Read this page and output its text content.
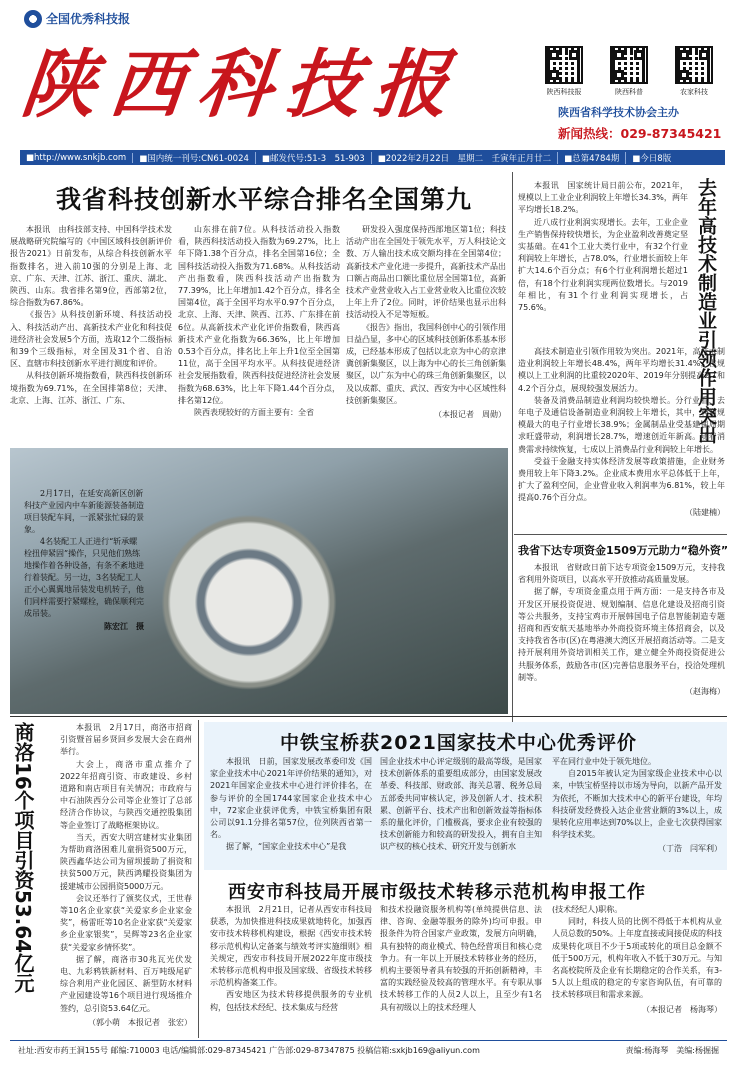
全国优秀科技报
陕西科技报	陕西科技报	陕西科普	农家科技
陕西省科学技术协会主办
新闻热线：029-87345421
■http://www.snkjb.com	■国内统一刊号:CN61-0024	■邮发代号:51-3　51-903	■2022年2月22日　星期二　壬寅年正月廿二	■总第4784期	■今日8版
我省科技创新水平综合排名全国第九

本报讯　由科技部支持、中国科学技术发展战略研究院编写的《中国区域科技创新评价报告2021》日前发布，从综合科技创新水平指数排名，进入前10强的分别是上海、北京、广东、天津、江苏、浙江、重庆、湖北、陕西、山东。我省排名第9位，西部第2位，综合指数为67.86%。

《报告》从科技创新环境、科技活动投入、科技活动产出、高新技术产业化和科技促进经济社会发展5个方面，选取12个二级指标和39个三级指标，对全国及31个省、自治区、直辖市科技创新水平进行测度和评价。

从科技创新环境指数看，陕西科技创新环境指数为69.71%，在全国排第8位；天津、北京、上海、江苏、浙江、广东、

山东排在前7位。从科技活动投入指数看，陕西科技活动投入指数为69.27%，比上年下降1.38个百分点，排名全国第16位；全国科技活动投入指数为71.68%。从科技活动产出指数看，陕西科技活动产出指数为77.39%，比上年增加1.42个百分点，排名全国第4位，高于全国平均水平0.97个百分点，北京、上海、天津、陕西、江苏、广东排在前6位。从高新技术产业化评价指数看，陕西高新技术产业化指数为66.36%，比上年增加0.53个百分点，排名比上年上升1位至全国第11位，高于全国平均水平。从科技促进经济社会发展指数看，陕西科技促进经济社会发展指数为68.63%，比上年下降1.44个百分点，排名第12位。

陕西表现较好的方面主要有：全省

研发投入强度保持西部地区第1位；科技活动产出在全国处于领先水平，万人科技论文数、万人输出技术成交额均排在全国第4位；高新技术产业化进一步提升，高新技术产品出口额占商品出口额比重位居全国第1位，高新技术产业营业收入占工业营业收入比重位次较上年上升了2位。同时，评价结果也显示出科技活动投入不足等短板。

《报告》指出，我国科创中心的引领作用日益凸显，多中心的区域科技创新体系基本形成，已经基本形成了包括以北京为中心的京津冀创新集聚区，以上海为中心的长三角创新集聚区，以广东为中心的珠三角创新集聚区，以及以成都、重庆、武汉、西安为中心区域性科技创新集聚区。

（本报记者　周勋）

2月17日，在延安高新区创新科技产业园内中车新能源装备制造项目装配车间，一派紧张忙碌的景象。

4名装配工人正进行“斩承螺栓扭伸紧固”操作，只见他们熟练地操作着各种设备，有条不紊地进行着装配。另一边，3名装配工人正小心翼翼地吊装发电机转子，他们同样需要拧紧螺栓，确保顺利完成吊装。

陈宏江　摄

去年高技术制造业引领作用突出

本报讯　国家统计局日前公布，2021年，规模以上工业企业利润较上年增长34.3%，两年平均增长18.2%。

近八成行业利润实现增长。去年，工业企业生产销售保持较快增长，为企业盈利改善奠定坚实基础。在41个工业大类行业中，有32个行业利润较上年增长，占78.0%，行业增长面较上年扩大14.6个百分点；有6个行业利润增长超过1倍，有18个行业利润实现两位数增长。与2019年相比，有31个行业利润实现增长，占75.6%。

高技术制造业引领作用较为突出。2021年，高技术制造业利润较上年增长48.4%，两年平均增长31.4%，占规模以上工业利润的比重较2020年、2019年分别提高2.1和4.2个百分点，展现较强发展活力。

装备及消费品制造业利润均较快增长。分行业看，去年电子及通信设备制造业利润较上年增长，其中，利润规模最大的电子行业增长38.9%；金属制品业受基建铺周期求旺盛带动，利润增长28.7%，增速创近年新高。随着消费需求持续恢复，七成以上消费品行业利润较上年增长。

受益于金融支持实体经济发展等政策措施，企业财务费用较上年下降3.2%。企业成本费用水平总体低于上年，扩大了盈利空间，企业营业收入利润率为6.81%，较上年提高0.76个百分点。

（陆建楠）
我省下达专项资金1509万元助力“稳外资”

本报讯　省财政日前下达专项资金1509万元，支持我省利用外资项目，以高水平开放推动高质量发展。

据了解，专项资金重点用于两方面：一是支持各市及开发区开展投资促进、规划编制、信息化建设及招商引资等公共服务，支持宝鸡市开展韩国电子信息智能制造专题招商和西安航天基地举办外商投资环境主体招商会，以及支持我省各市(区)在粤港澳大湾区开展招商活动等。二是支持开展利用外资培训相关工作，建立健全外商投资促进公共服务体系，鼓励各市(区)完善信息服务平台，投洽处理机制等。

（赵海梅）
商洛16个项目引资53.64亿元	本报讯　2月17日，商洛市招商引资暨首届乡贤回乡发展大会在商州举行。

大会上，商洛市重点推介了2022年招商引资、市政建设、乡村道路和南店项目有关情况；市政府与中石油陕西分公司等企业签订了总部经济合作协议，与陕西交通控股集团等企业签订了战略框架协议。

当天，西安大明宫建材实业集团为帮助商洛困难儿童捐资500万元，陕西鑫华达公司为留坝援助了捐资和扶贫500万元，陕西鸿耀投资集团为援建城市公园捐资5000万元。

会议还举行了颁奖仪式，王世春等10名企业家获“关爱家乡企业家金奖”，杨雷旺等10名企业家获“关爱家乡企业家银奖”，吴辉等23名企业家获“关爱家乡情怀奖”。

据了解，商洛市30兆瓦光伏发电、九彩鸦铁新材料、百万吨级尾矿综合利用产业化园区、新型防水材料产业园建设等16个项目进行现场推介签约，总引资53.64亿元。

（郭小萌　本报记者　张宏）
中铁宝桥获2021国家技术中心优秀评价

本报讯　日前，国家发展改革委印发《国家企业技术中心2021年评价结果的通知》，对2021年国家企业技术中心进行评价排名，在参与评价的全国1744家国家企业技术中心中，72家企业获评优秀，中铁宝桥集团有限公司以91.1分排名第57位，位列陕西省第一名。

据了解，“国家企业技术中心”是我

国企业技术中心评定级别的最高等级，是国家技术创新体系的重要组成部分，由国家发展改革委、科技部、财政部、海关总署、税务总局五部委共同审核认定，涉及创新人才、技术积累、创新平台、技术产出和创新效益等指标体系的量化评价，门槛极高，要求企业有较强的技术创新能力和较高的研发投入，拥有自主知识产权的核心技术、研究开发与创新水

平在同行业中处于领先地位。

自2015年被认定为国家级企业技术中心以来，中铁宝桥坚持以市场为导向，以新产品开发为依托，不断加大技术中心的新平台建设，年均科技研发经费投入达企业营业额的3%以上，成果转化应用率达到70%以上，企业七次获得国家科学技术奖。

（丁浩　闫军利）
西安市科技局开展市级技术转移示范机构申报工作

本报讯　2月21日，记者从西安市科技局获悉，为加快推进科技成果就地转化，加强西安市技术转移机构建设，根据《西安市技术转移示范机构认定备案与绩效考评实施细则》相关规定，西安市科技局开展2022年度市级技术转移示范机构申报及国家级、省级技术转移示范机构备案工作。

西安地区为技术转移提供服务的专业机构，包括技术经纪、技术集成与经营

和技术投融资服务机构等(单纯提供信息、法律、咨询、金融等服务的除外)均可申报。申报条件为符合国家产业政策，发展方向明确，具有独特的商业模式、特色经营项目和核心竞争力。有一年以上开展技术转移业务的经历，机构主要领导者具有较强的开拓创新精神，丰富的实践经验及较高的管理水平。有专职从事技术转移工作的人员2人以上，且至少有1名具有初级以上的技术经理人

(技术经纪人)职称。

同时，科技人员的比例不得低于本机构从业人员总数的50%。上年度直接或间接促成的科技成果转化项目不少于5项或转化的项目总金额不低于500万元，机构年收入不低于30万元。与知名高校院所及企业有长期稳定的合作关系，有3-5人以上组成的稳定的专家咨询队伍，有可靠的技术转移项目和需求来源。

（本报记者　杨海琴）
社址:西安市药王洞155号 邮编:710003 电话/编辑部:029-87345421 广告部:029-87347875 投稿信箱:sxkjb169@aliyun.com	责编:杨海琴　美编:杨掘掘
